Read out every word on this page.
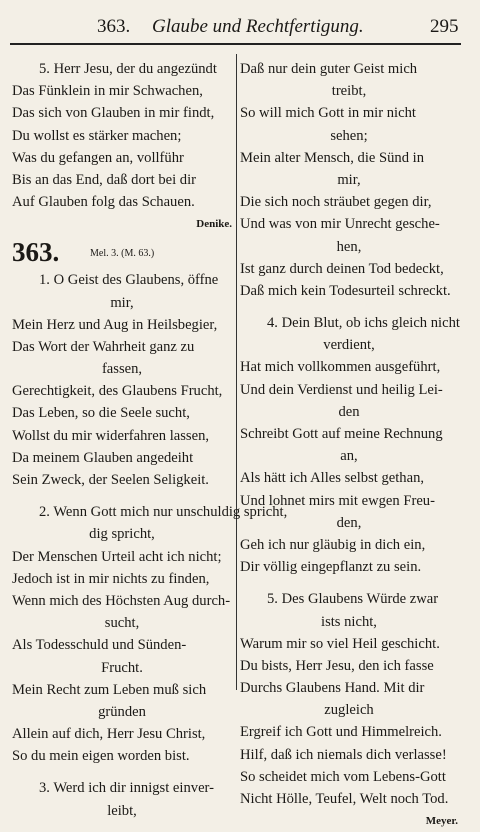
363. Glaube und Rechtfertigung.	295
5. Herr Jesu, der du angezündt
Das Fünklein in mir Schwachen,
Das sich von Glauben in mir findt,
Du wollst es stärker machen;
Was du gefangen an, vollführ
Bis an das End, daß dort bei dir
Auf Glauben folg das Schauen.
Denike.
363.	Mel. 3. (M. 63.)
1. O Geist des Glaubens, öffne
mir,
Mein Herz und Aug in Heilsbegier,
Das Wort der Wahrheit ganz zu
fassen,
Gerechtigkeit, des Glaubens Frucht,
Das Leben, so die Seele sucht,
Wollst du mir widerfahren lassen,
Da meinem Glauben angedeiht
Sein Zweck, der Seelen Seligkeit.
2. Wenn Gott mich nur unschuldig spricht,
dig spricht,
Der Menschen Urteil acht ich nicht;
Jedoch ist in mir nichts zu finden,
Wenn mich des Höchsten Aug durch-
sucht,
Als Todesschuld und Sünden-
Frucht.
Mein Recht zum Leben muß sich
gründen
Allein auf dich, Herr Jesu Christ,
So du mein eigen worden bist.
3. Werd ich dir innigst einver-
leibt,
Daß nur dein guter Geist mich
treibt,
So will mich Gott in mir nicht
sehen;
Mein alter Mensch, die Sünd in
mir,
Die sich noch sträubet gegen dir,
Und was von mir Unrecht gesche-
hen,
Ist ganz durch deinen Tod bedeckt,
Daß mich kein Todesurteil schreckt.
4. Dein Blut, ob ichs gleich nicht
verdient,
Hat mich vollkommen ausgeführt,
Und dein Verdienst und heilig Lei-
den
Schreibt Gott auf meine Rechnung
an,
Als hätt ich Alles selbst gethan,
Und lohnet mirs mit ewgen Freu-
den,
Geh ich nur gläubig in dich ein,
Dir völlig eingepflanzt zu sein.
5. Des Glaubens Würde zwar
ists nicht,
Warum mir so viel Heil geschicht.
Du bists, Herr Jesu, den ich fasse
Durchs Glaubens Hand. Mit dir
zugleich
Ergreif ich Gott und Himmelreich.
Hilf, daß ich niemals dich verlasse!
So scheidet mich vom Lebens-Gott
Nicht Hölle, Teufel, Welt noch Tod.
Meyer.
